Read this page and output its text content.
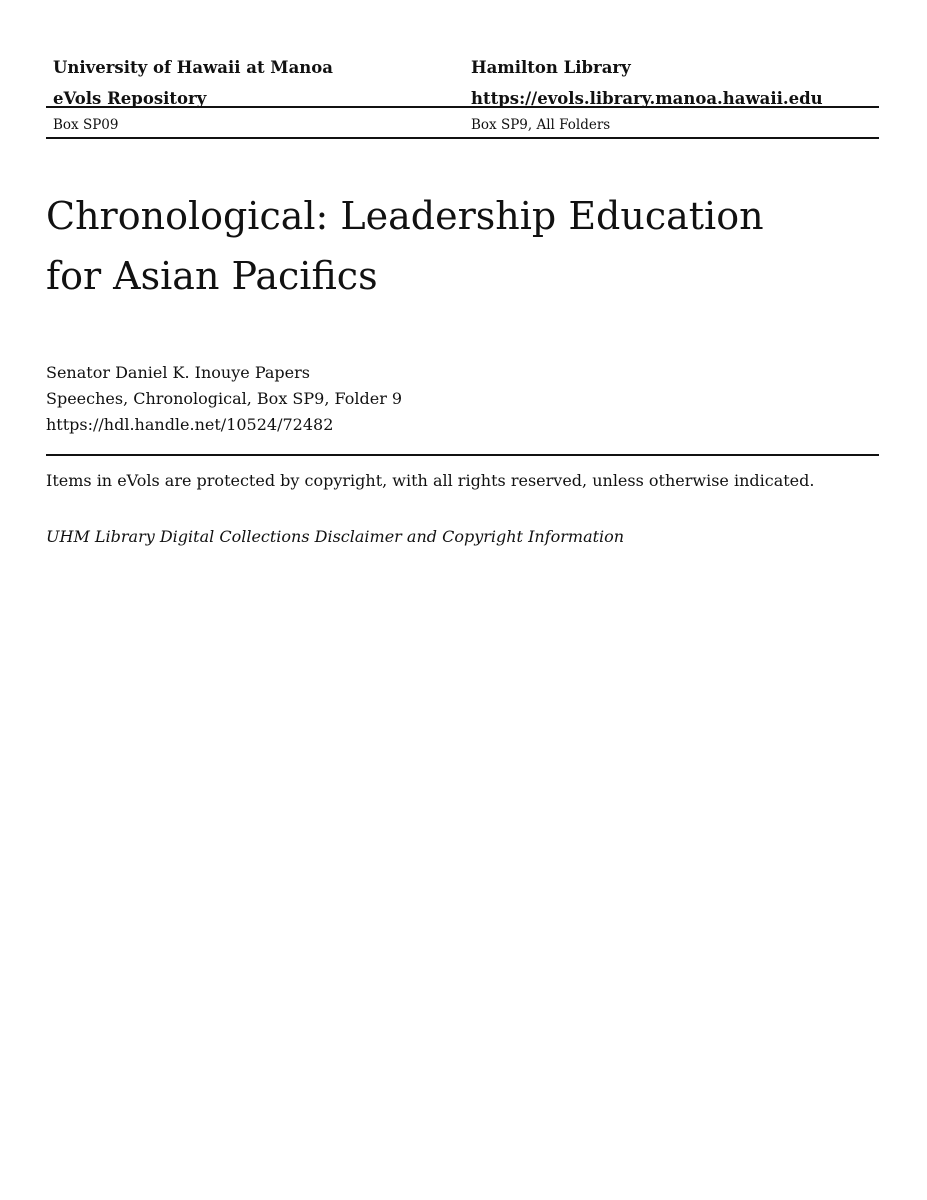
University of Hawaii at Manoa
eVols Repository
Hamilton Library
https://evols.library.manoa.hawaii.edu
Box SP09	Box SP9, All Folders
Chronological: Leadership Education
for Asian Pacifics
Senator Daniel K. Inouye Papers
Speeches, Chronological, Box SP9, Folder 9
https://hdl.handle.net/10524/72482
Items in eVols are protected by copyright, with all rights reserved, unless otherwise indicated.
UHM Library Digital Collections Disclaimer and Copyright Information
